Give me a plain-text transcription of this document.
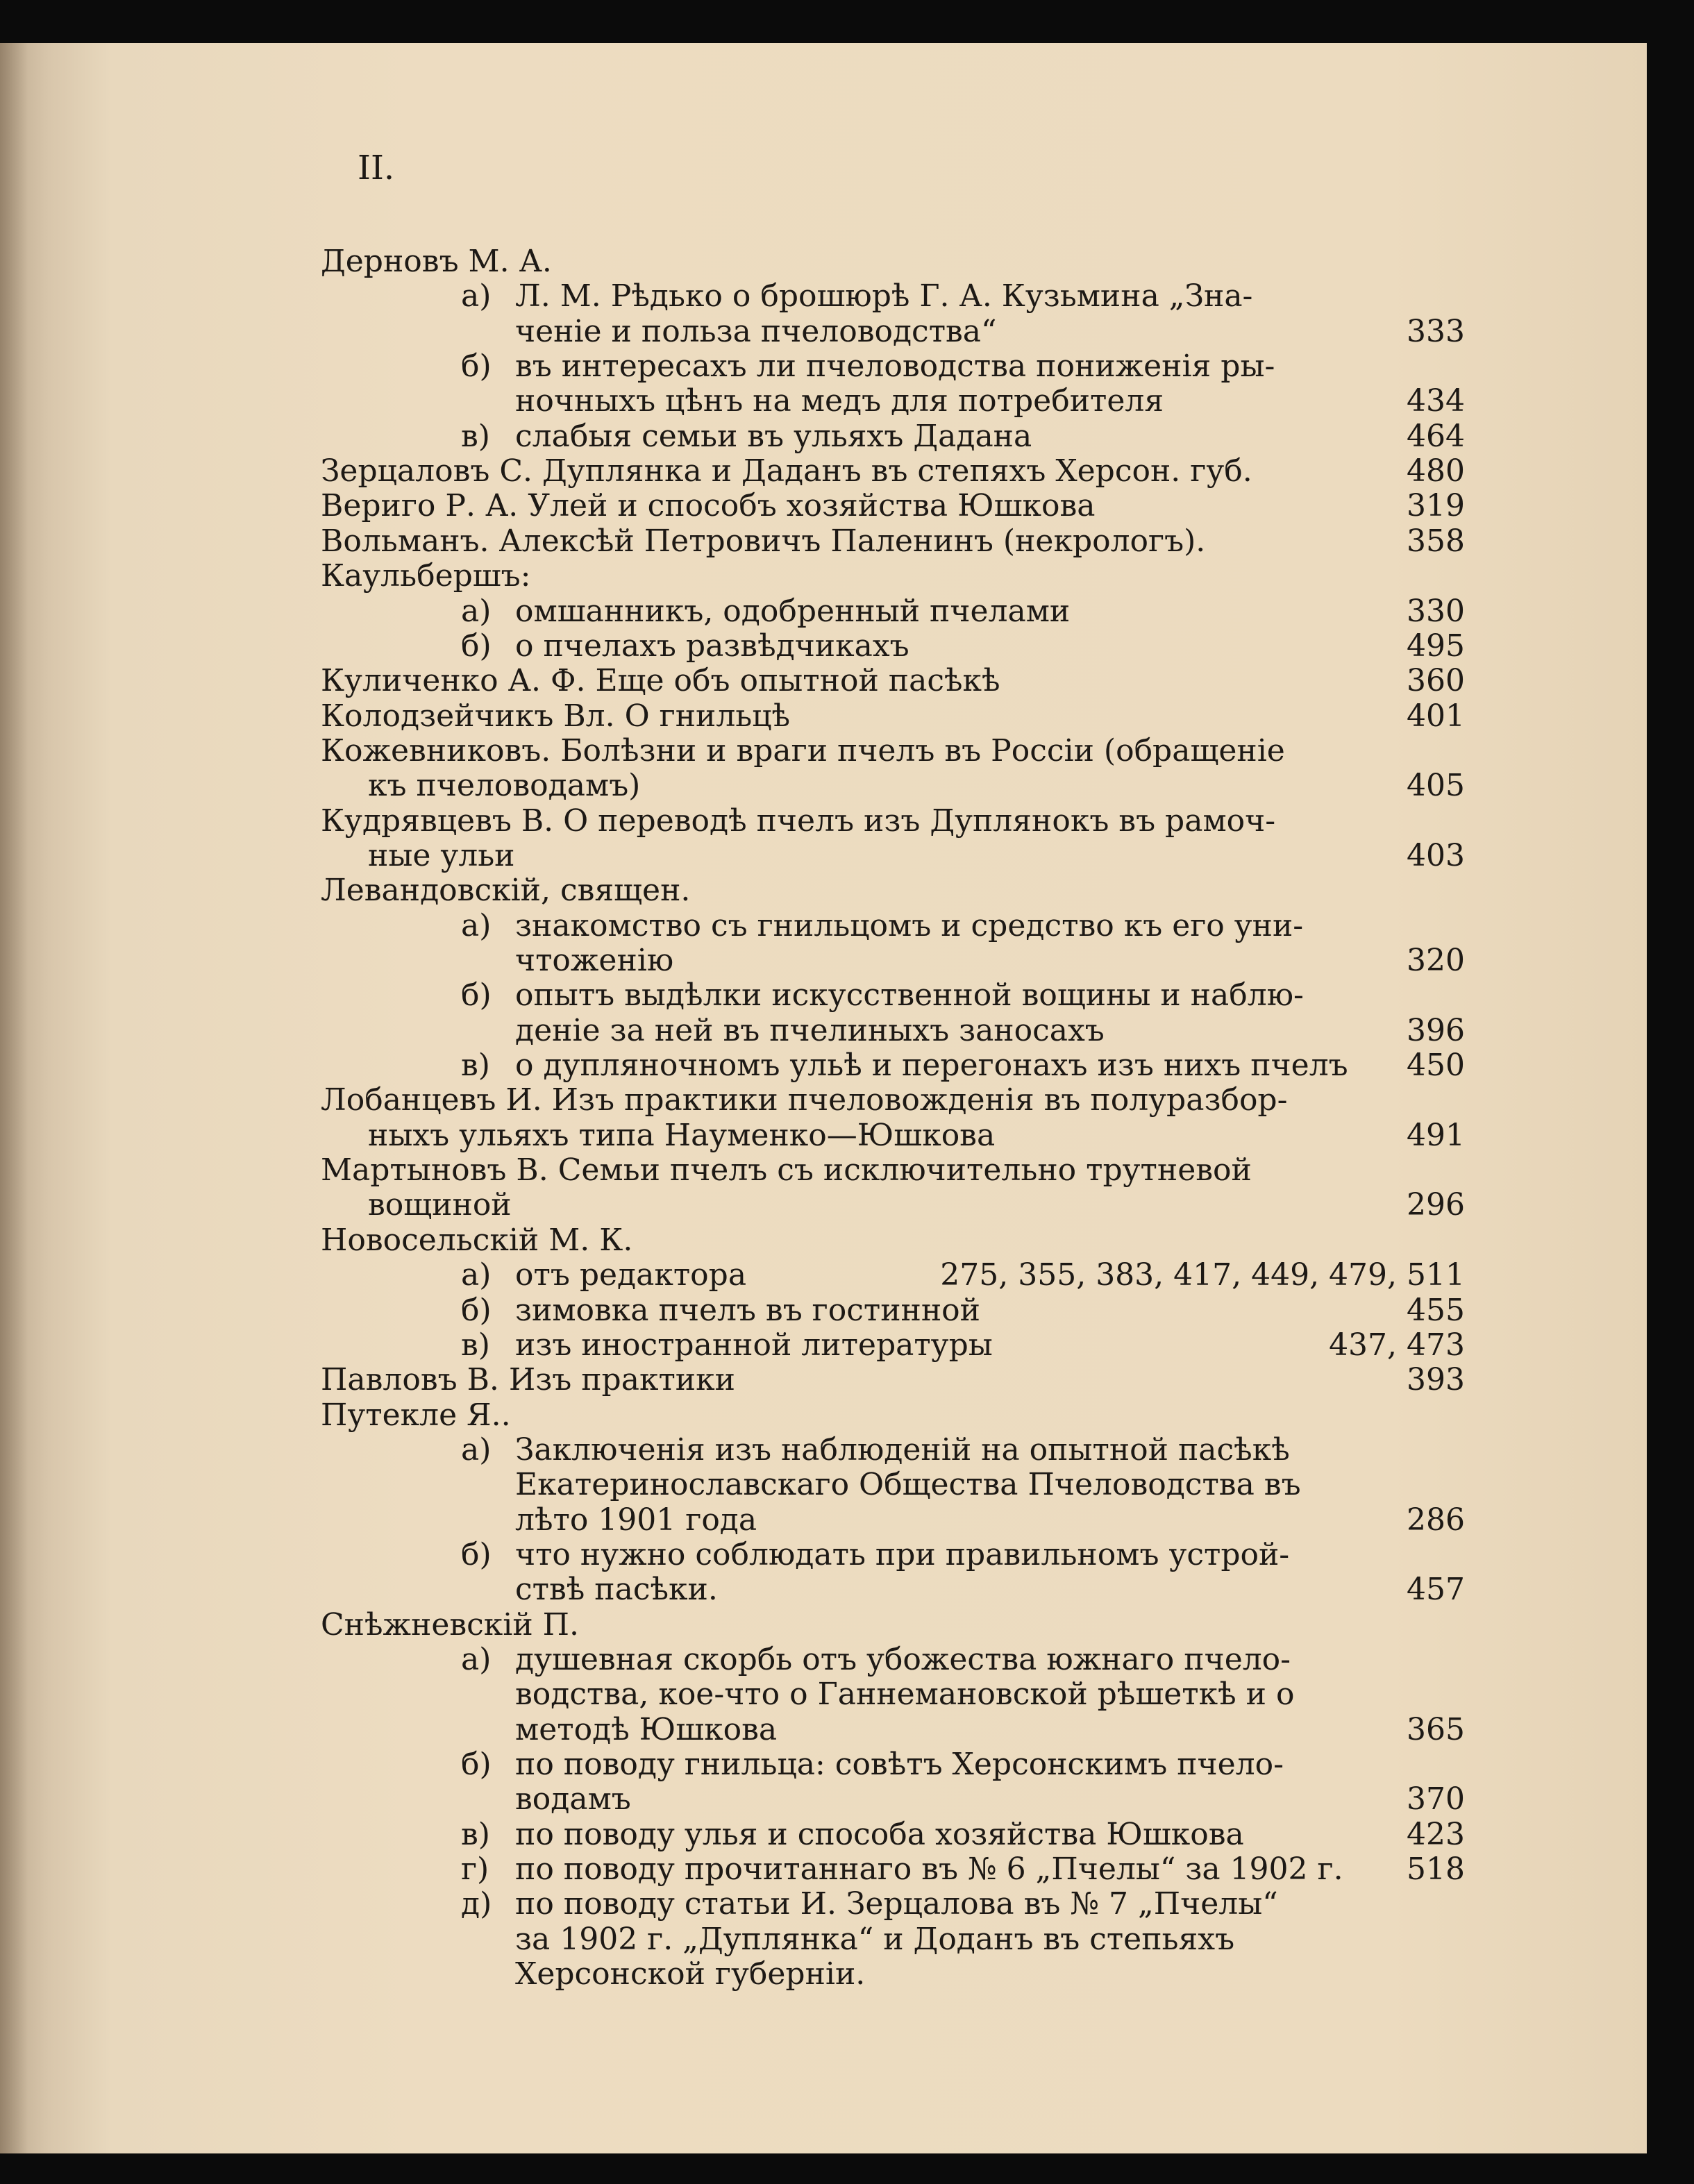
II.
Дерновъ М. А.
а) Л. М. Рѣдько о брошюрѣ Г. А. Кузьмина „Зна-
ченіе и польза пчеловодства“	333
б) въ интересахъ ли пчеловодства пониженія ры-
ночныхъ цѣнъ на медъ для потребителя	434
в) слабыя семьи въ ульяхъ Дадана	464
Зерцаловъ С. Дуплянка и Даданъ въ степяхъ Херсон. губ.	480
Вериго Р. А. Улей и способъ хозяйства Юшкова	319
Вольманъ. Алексѣй Петровичъ Паленинъ (некрологъ).	358
Каульбершъ:
а) омшанникъ, одобренный пчелами	330
б) о пчелахъ развѣдчикахъ	495
Куличенко А. Ф. Еще объ опытной пасѣкѣ	360
Колодзейчикъ Вл. О гнильцѣ	401
Кожевниковъ. Болѣзни и враги пчелъ въ Россіи (обращеніе
къ пчеловодамъ)	405
Кудрявцевъ В. О переводѣ пчелъ изъ Дуплянокъ въ рамоч-
ные ульи	403
Левандовскій, священ.
а) знакомство съ гнильцомъ и средство къ его уни-
чтоженію	320
б) опытъ выдѣлки искусственной вощины и наблю-
деніе за ней въ пчелиныхъ заносахъ	396
в) о дупляночномъ ульѣ и перегонахъ изъ нихъ пчелъ 450
Лобанцевъ И. Изъ практики пчеловожденія въ полуразбор-
ныхъ ульяхъ типа Науменко—Юшкова	491
Мартыновъ В. Семьи пчелъ съ исключительно трутневой
вощиной	296
Новосельскій М. К.
а) отъ редактора	275, 355, 383, 417, 449, 479, 511
б) зимовка пчелъ въ гостинной	455
в) изъ иностранной литературы	437, 473
Павловъ В. Изъ практики	393
Путекле Я..
а) Заключенія изъ наблюденій на опытной пасѣкѣ
Екатеринославскаго Общества Пчеловодства въ
лѣто 1901 года	286
б) что нужно соблюдать при правильномъ устрой-
ствѣ пасѣки.	457
Снѣжневскій П.
а) душевная скорбь отъ убожества южнаго пчело-
водства, кое-что о Ганнемановской рѣшеткѣ и о
методѣ Юшкова	365
б) по поводу гнильца: совѣтъ Херсонскимъ пчело-
водамъ	370
в) по поводу улья и способа хозяйства Юшкова	423
г) по поводу прочитаннаго въ № 6 „Пчелы“ за 1902 г. 518
д) по поводу статьи И. Зерцалова въ № 7 „Пчелы“
за 1902 г. „Дуплянка“ и Доданъ въ степьяхъ
Херсонской губерніи.
